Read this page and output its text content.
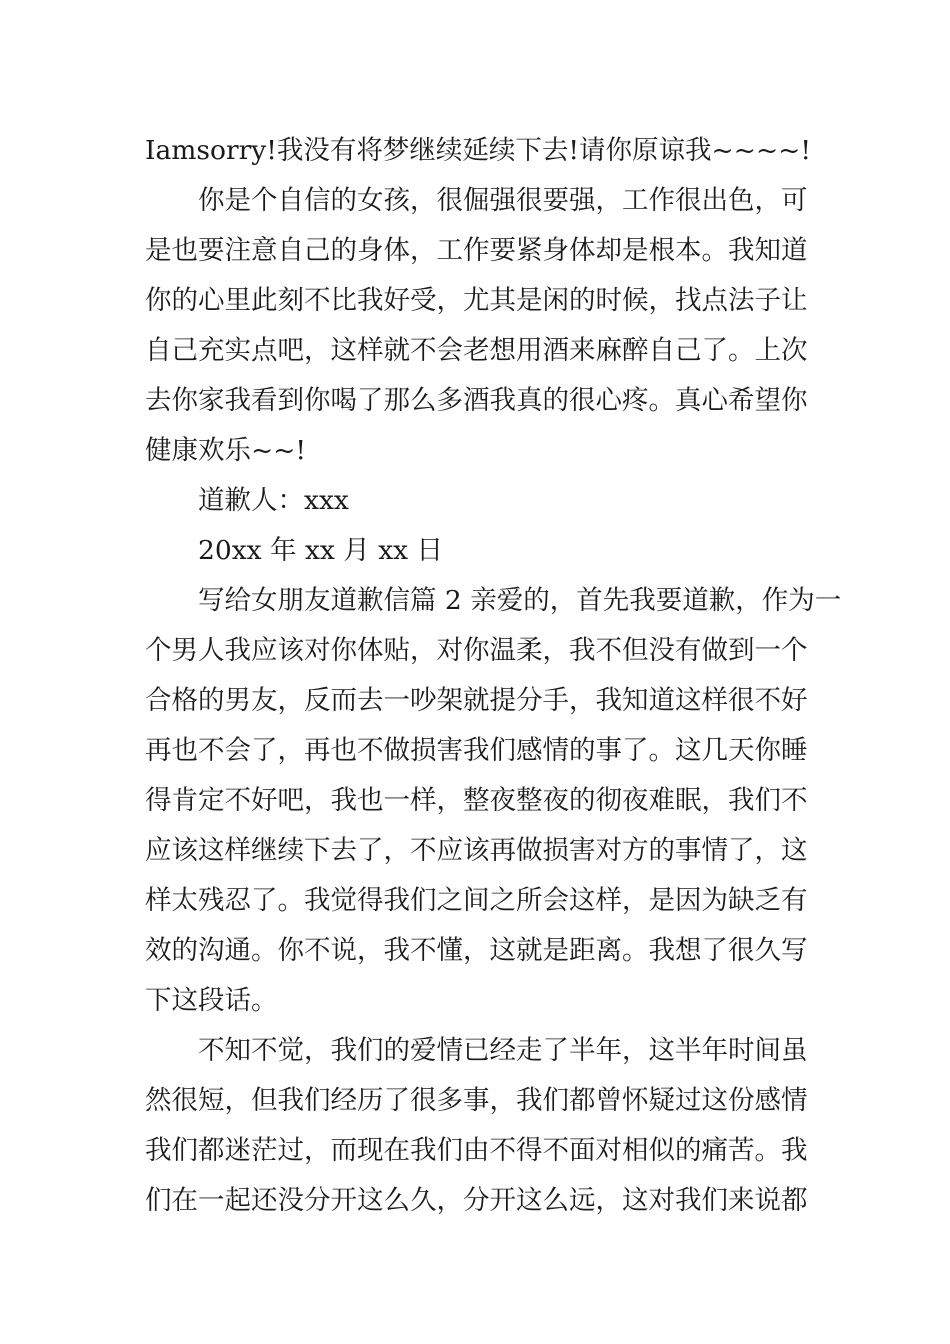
Iamsorry!我没有将梦继续延续下去!请你原谅我~~~~!
你是个自信的女孩，很倔强很要强，工作很出色，可
是也要注意自己的身体，工作要紧身体却是根本。我知道
你的心里此刻不比我好受，尤其是闲的时候，找点法子让
自己充实点吧，这样就不会老想用酒来麻醉自己了。上次
去你家我看到你喝了那么多酒我真的很心疼。真心希望你
健康欢乐~~!
道歉人：xxx
20xx 年 xx 月 xx 日
写给女朋友道歉信篇 2 亲爱的，首先我要道歉，作为一
个男人我应该对你体贴，对你温柔，我不但没有做到一个
合格的男友，反而去一吵架就提分手，我知道这样很不好
再也不会了，再也不做损害我们感情的事了。这几天你睡
得肯定不好吧，我也一样，整夜整夜的彻夜难眠，我们不
应该这样继续下去了，不应该再做损害对方的事情了，这
样太残忍了。我觉得我们之间之所会这样，是因为缺乏有
效的沟通。你不说，我不懂，这就是距离。我想了很久写
下这段话。
不知不觉，我们的爱情已经走了半年，这半年时间虽
然很短，但我们经历了很多事，我们都曾怀疑过这份感情
我们都迷茫过，而现在我们由不得不面对相似的痛苦。我
们在一起还没分开这么久，分开这么远，这对我们来说都
